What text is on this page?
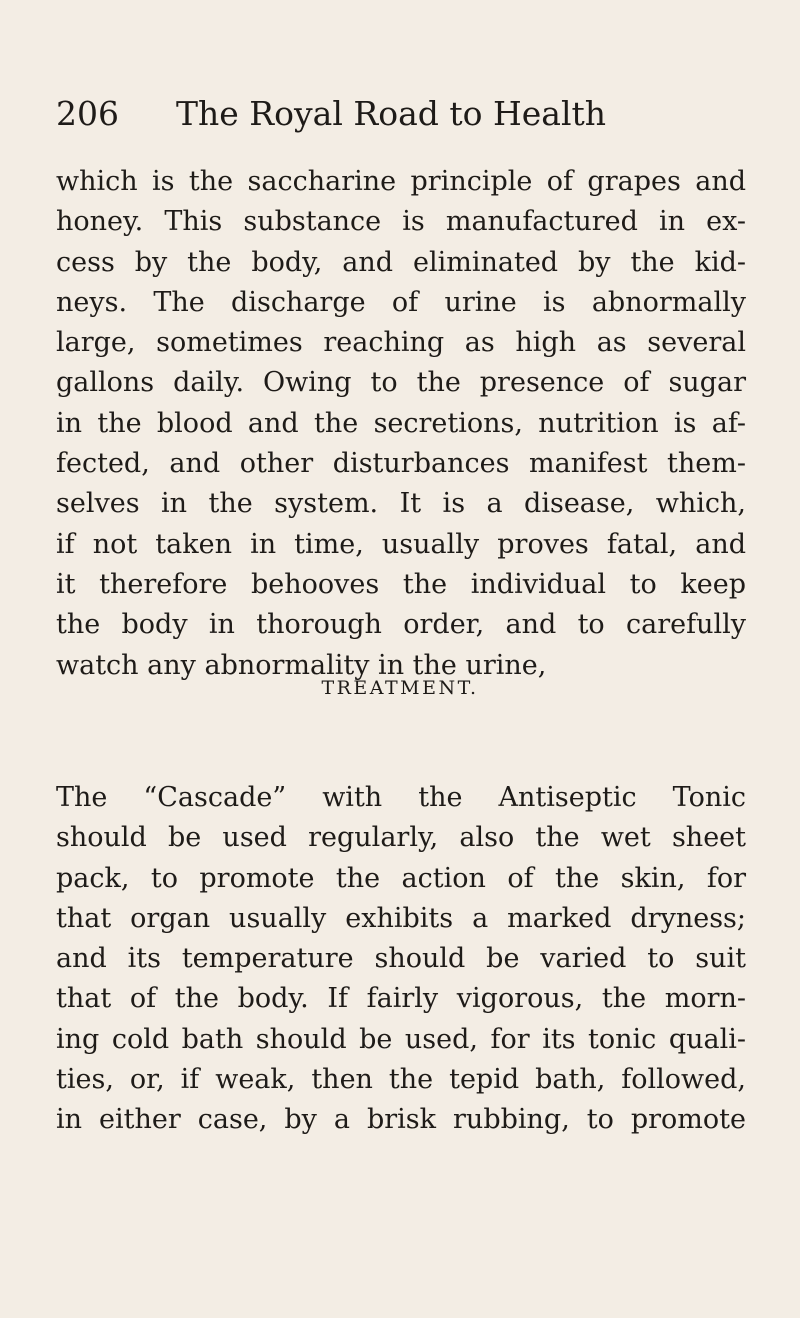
206 The Royal Road to Health
which is the saccharine principle of grapes and
honey. This substance is manufactured in ex-
cess by the body, and eliminated by the kid-
neys. The discharge of urine is abnormally
large, sometimes reaching as high as several
gallons daily. Owing to the presence of sugar
in the blood and the secretions, nutrition is af-
fected, and other disturbances manifest them-
selves in the system. It is a disease, which,
if not taken in time, usually proves fatal, and
it therefore behooves the individual to keep
the body in thorough order, and to carefully
watch any abnormality in the urine,
TREATMENT.
The “Cascade” with the Antiseptic Tonic
should be used regularly, also the wet sheet
pack, to promote the action of the skin, for
that organ usually exhibits a marked dryness;
and its temperature should be varied to suit
that of the body. If fairly vigorous, the morn-
ing cold bath should be used, for its tonic quali-
ties, or, if weak, then the tepid bath, followed,
in either case, by a brisk rubbing, to promote
